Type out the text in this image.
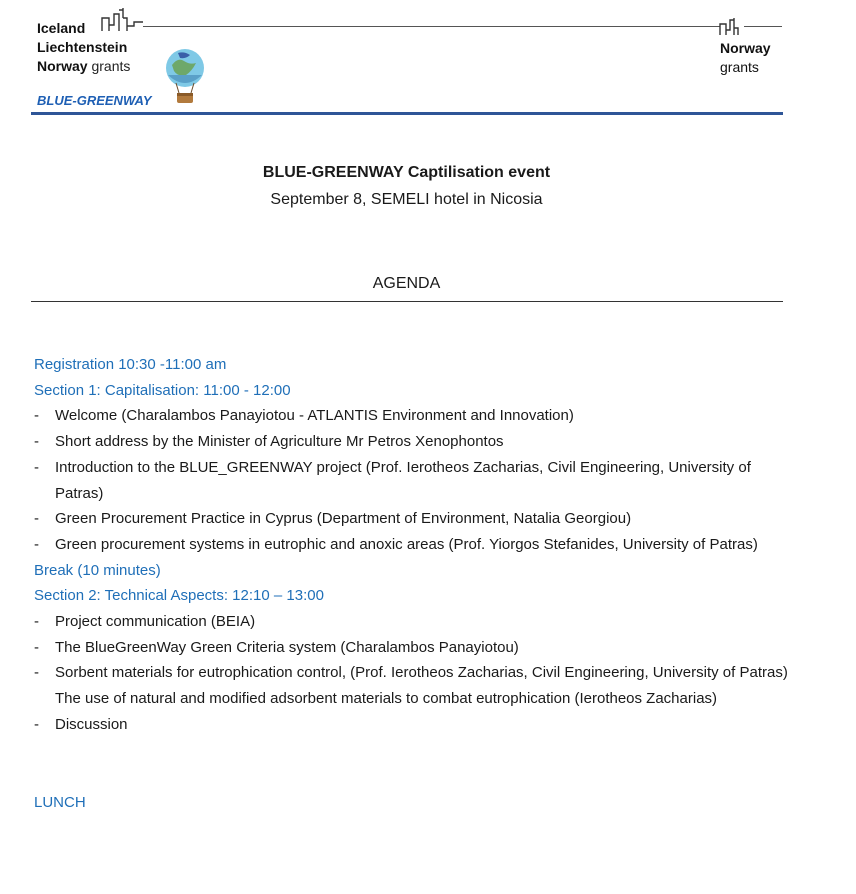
Iceland
Liechtenstein
Norway grants
Norway
grants
BLUE-GREENWAY
BLUE-GREENWAY Captilisation event
September 8, SEMELI hotel in Nicosia
AGENDA
Registration 10:30 -11:00 am
Section 1: Capitalisation: 11:00 - 12:00
- Welcome (Charalambos Panayiotou - ATLANTIS Environment and Innovation)
- Short address by the Minister of Agriculture Mr Petros Xenophontos
- Introduction to the BLUE_GREENWAY project (Prof. Ierotheos Zacharias, Civil Engineering, University of Patras)
- Green Procurement Practice in Cyprus (Department of Environment, Natalia Georgiou)
- Green procurement systems in eutrophic and anoxic areas (Prof. Yiorgos Stefanides, University of Patras)
Break (10 minutes)
Section 2: Technical Aspects: 12:10 – 13:00
- Project communication (BEIA)
- The BlueGreenWay Green Criteria system (Charalambos Panayiotou)
- Sorbent materials for eutrophication control, (Prof. Ierotheos Zacharias, Civil Engineering, University of Patras)
The use of natural and modified adsorbent materials to combat eutrophication (Ierotheos Zacharias)
- Discussion
LUNCH
